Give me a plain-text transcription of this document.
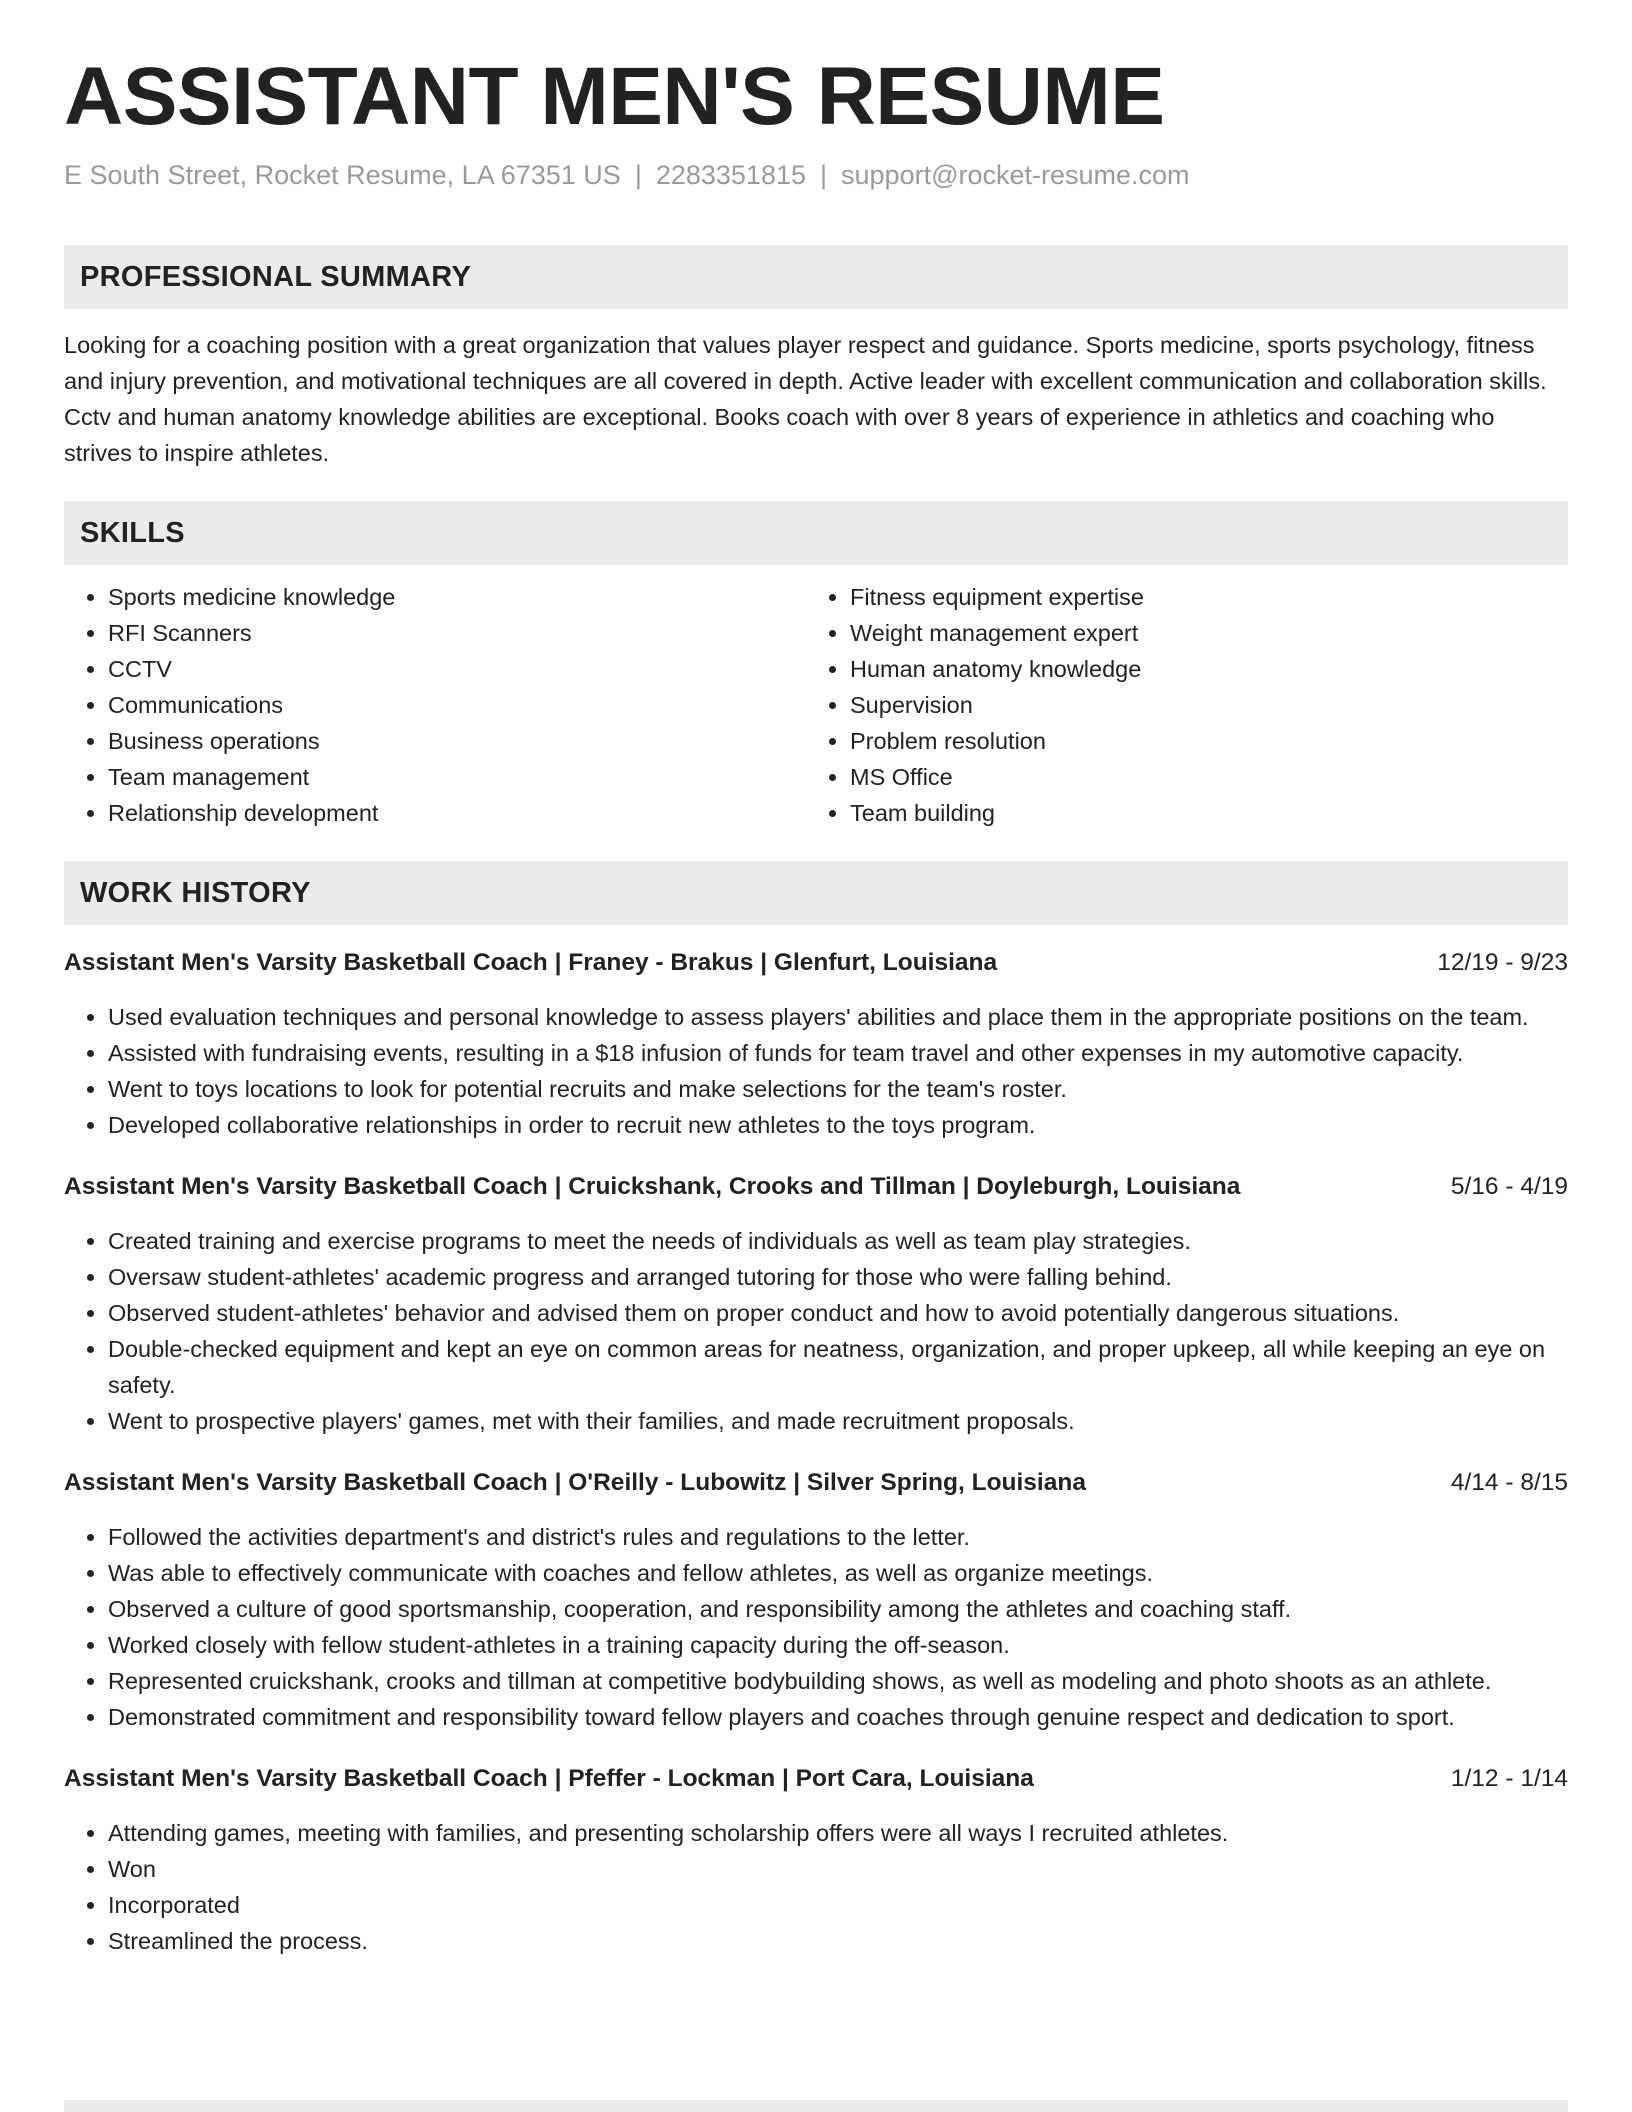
ASSISTANT MEN'S RESUME
E South Street, Rocket Resume, LA 67351 US | 2283351815 | support@rocket-resume.com
PROFESSIONAL SUMMARY

Looking for a coaching position with a great organization that values player respect and guidance. Sports medicine, sports psychology, fitness and injury prevention, and motivational techniques are all covered in depth. Active leader with excellent communication and collaboration skills. Cctv and human anatomy knowledge abilities are exceptional. Books coach with over 8 years of experience in athletics and coaching who strives to inspire athletes.

SKILLS
• Sports medicine knowledge
• RFI Scanners
• CCTV
• Communications
• Business operations
• Team management
• Relationship development
• Fitness equipment expertise
• Weight management expert
• Human anatomy knowledge
• Supervision
• Problem resolution
• MS Office
• Team building
WORK HISTORY
Assistant Men's Varsity Basketball Coach | Franey - Brakus | Glenfurt, Louisiana	12/19 - 9/23
• Used evaluation techniques and personal knowledge to assess players' abilities and place them in the appropriate positions on the team.
• Assisted with fundraising events, resulting in a $18 infusion of funds for team travel and other expenses in my automotive capacity.
• Went to toys locations to look for potential recruits and make selections for the team's roster.
• Developed collaborative relationships in order to recruit new athletes to the toys program.
Assistant Men's Varsity Basketball Coach | Cruickshank, Crooks and Tillman | Doyleburgh, Louisiana	5/16 - 4/19
• Created training and exercise programs to meet the needs of individuals as well as team play strategies.
• Oversaw student-athletes' academic progress and arranged tutoring for those who were falling behind.
• Observed student-athletes' behavior and advised them on proper conduct and how to avoid potentially dangerous situations.
• Double-checked equipment and kept an eye on common areas for neatness, organization, and proper upkeep, all while keeping an eye on safety.
• Went to prospective players' games, met with their families, and made recruitment proposals.
Assistant Men's Varsity Basketball Coach | O'Reilly - Lubowitz | Silver Spring, Louisiana	4/14 - 8/15
• Followed the activities department's and district's rules and regulations to the letter.
• Was able to effectively communicate with coaches and fellow athletes, as well as organize meetings.
• Observed a culture of good sportsmanship, cooperation, and responsibility among the athletes and coaching staff.
• Worked closely with fellow student-athletes in a training capacity during the off-season.
• Represented cruickshank, crooks and tillman at competitive bodybuilding shows, as well as modeling and photo shoots as an athlete.
• Demonstrated commitment and responsibility toward fellow players and coaches through genuine respect and dedication to sport.
Assistant Men's Varsity Basketball Coach | Pfeffer - Lockman | Port Cara, Louisiana	1/12 - 1/14
• Attending games, meeting with families, and presenting scholarship offers were all ways I recruited athletes.
• Won
• Incorporated
• Streamlined the process.
